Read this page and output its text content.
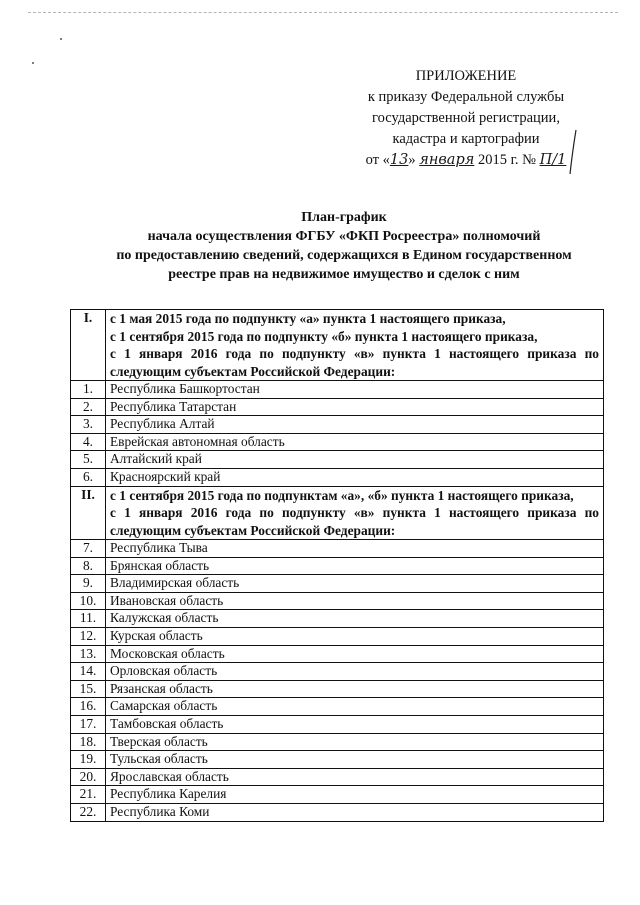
ПРИЛОЖЕНИЕ
к приказу Федеральной службы
государственной регистрации,
кадастра и картографии
от «13» января 2015 г. № П/1
План-график
начала осуществления ФГБУ «ФКП Росреестра» полномочий
по предоставлению сведений, содержащихся в Едином государственном
реестре прав на недвижимое имущество и сделок с ним
I.	с 1 мая 2015 года по подпункту «а» пункта 1 настоящего приказа,
с 1 сентября 2015 года по подпункту «б» пункта 1 настоящего приказа,
с 1 января 2016 года по подпункту «в» пункта 1 настоящего приказа по следующим субъектам Российской Федерации:

1.	Республика Башкортостан
2.	Республика Татарстан
3.	Республика Алтай
4.	Еврейская автономная область
5.	Алтайский край
6.	Красноярский край
II.	с 1 сентября 2015 года по подпунктам «а», «б» пункта 1 настоящего приказа,
с 1 января 2016 года по подпункту «в» пункта 1 настоящего приказа по следующим субъектам Российской Федерации:

7.	Республика Тыва
8.	Брянская область
9.	Владимирская область
10.	Ивановская область
11.	Калужская область
12.	Курская область
13.	Московская область
14.	Орловская область
15.	Рязанская область
16.	Самарская область
17.	Тамбовская область
18.	Тверская область
19.	Тульская область
20.	Ярославская область
21.	Республика Карелия
22.	Республика Коми
